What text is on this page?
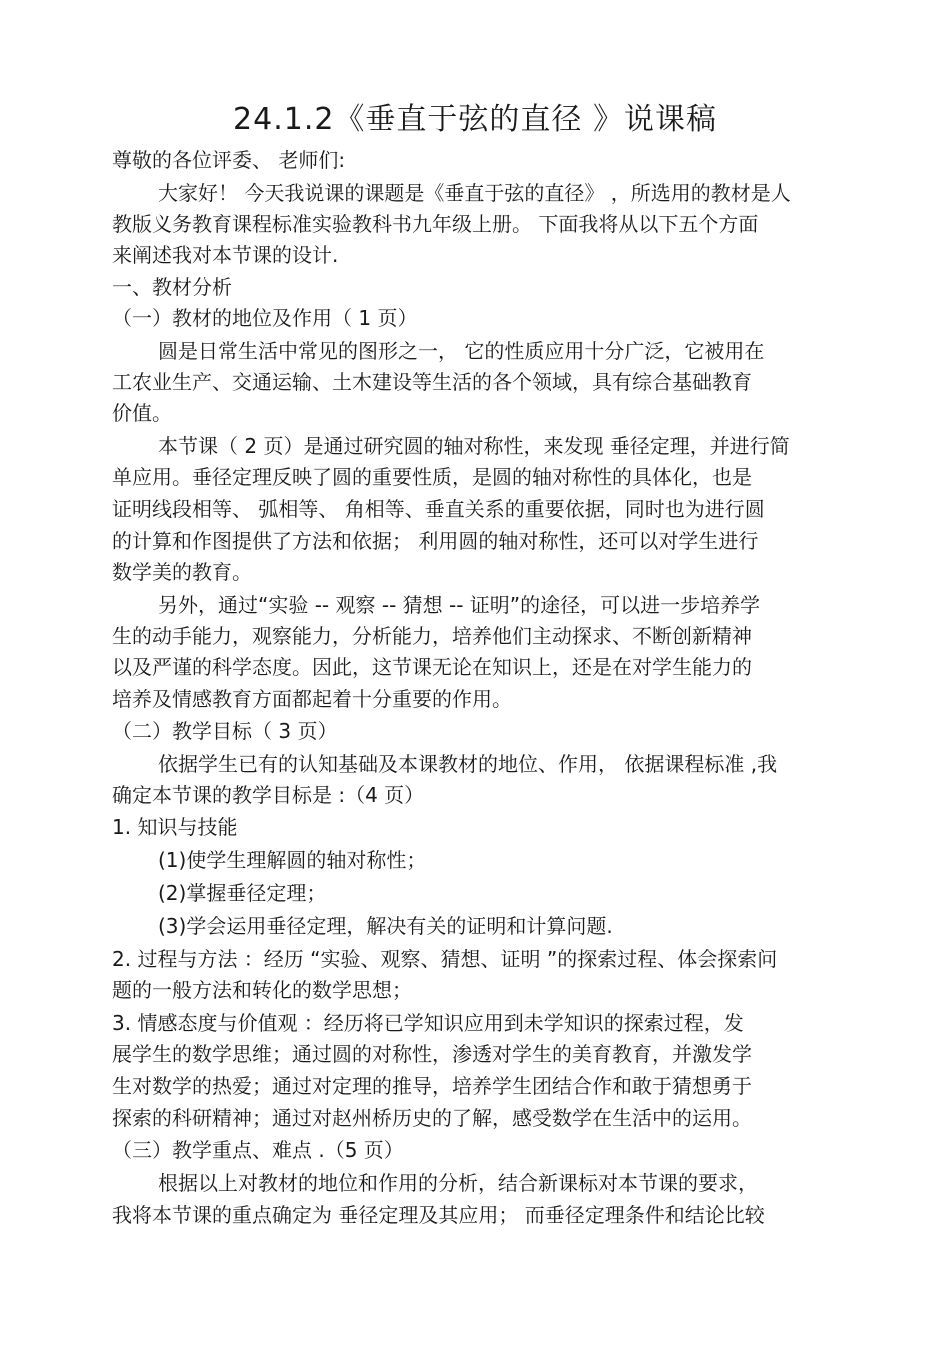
24.1.2《垂直于弦的直径 》说课稿
尊敬的各位评委、 老师们:
大家好！ 今天我说课的课题是《垂直于弦的直径》 ，所选用的教材是人
教版义务教育课程标准实验教科书九年级上册。 下面我将从以下五个方面
来阐述我对本节课的设计.
一、教材分析
（一）教材的地位及作用（ 1 页）
圆是日常生活中常见的图形之一， 它的性质应用十分广泛，它被用在
工农业生产、交通运输、土木建设等生活的各个领域，具有综合基础教育
价值。
本节课（ 2 页）是通过研究圆的轴对称性，来发现 垂径定理，并进行简
单应用。垂径定理反映了圆的重要性质，是圆的轴对称性的具体化，也是
证明线段相等、 弧相等、 角相等、垂直关系的重要依据，同时也为进行圆
的计算和作图提供了方法和依据； 利用圆的轴对称性，还可以对学生进行
数学美的教育。
另外，通过“实验 -- 观察 -- 猜想 -- 证明”的途径，可以进一步培养学
生的动手能力，观察能力，分析能力，培养他们主动探求、不断创新精神
以及严谨的科学态度。因此，这节课无论在知识上，还是在对学生能力的
培养及情感教育方面都起着十分重要的作用。
（二）教学目标（ 3 页）
依据学生已有的认知基础及本课教材的地位、作用， 依据课程标准 ,我
确定本节课的教学目标是 :（4 页）
1. 知识与技能
(1)使学生理解圆的轴对称性；
(2)掌握垂径定理；
(3)学会运用垂径定理，解决有关的证明和计算问题.
2. 过程与方法 ：经历 “实验、观察、猜想、证明 ”的探索过程、体会探索问
题的一般方法和转化的数学思想；
3. 情感态度与价值观 ：经历将已学知识应用到未学知识的探索过程，发
展学生的数学思维；通过圆的对称性，渗透对学生的美育教育，并激发学
生对数学的热爱；通过对定理的推导，培养学生团结合作和敢于猜想勇于
探索的科研精神；通过对赵州桥历史的了解，感受数学在生活中的运用。
（三）教学重点、难点 .（5 页）
根据以上对教材的地位和作用的分析，结合新课标对本节课的要求，
我将本节课的重点确定为 垂径定理及其应用； 而垂径定理条件和结论比较
